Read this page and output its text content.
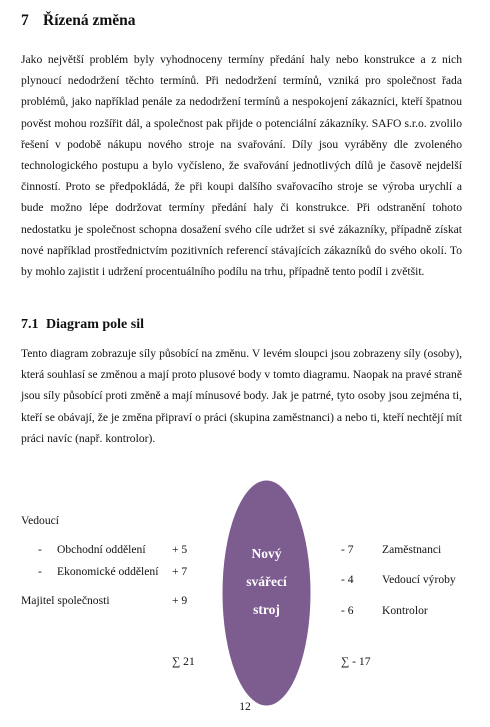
7 Řízená změna

Jako největší problém byly vyhodnoceny termíny předání haly nebo konstrukce a z nich plynoucí nedodržení těchto termínů. Při nedodržení termínů, vzniká pro společnost řada problémů, jako například penále za nedodržení termínů a nespokojení zákazníci, kteří špatnou pověst mohou rozšířit dál, a společnost pak přijde o potenciální zákazníky. SAFO s.r.o. zvolilo řešení v podobě nákupu nového stroje na svařování. Díly jsou vyráběny dle zvoleného technologického postupu a bylo vyčísleno, že svařování jednotlivých dílů je časově nejdelší činností. Proto se předpokládá, že při koupi dalšího svařovacího stroje se výroba urychlí a bude možno lépe dodržovat termíny předání haly či konstrukce. Při odstranění tohoto nedostatku je společnost schopna dosažení svého cíle udržet si své zákazníky, případně získat nové například prostřednictvím pozitivních referencí stávajících zákazníků do svého okolí. To by mohlo zajistit i udržení procentuálního podílu na trhu, případně tento podíl i zvětšit.

7.1 Diagram pole sil

Tento diagram zobrazuje síly působící na změnu. V levém sloupci jsou zobrazeny síly (osoby), která souhlasí se změnou a mají proto plusové body v tomto diagramu. Naopak na pravé straně jsou síly působící proti změně a mají mínusové body. Jak je patrné, tyto osoby jsou zejména ti, kteří se obávají, že je změna připraví o práci (skupina zaměstnanci) a nebo ti, kteří nechtějí mít práci navíc (např. kontrolor).

Nový
svářecí
stroj
Vedoucí
- Obchodní oddělení + 5
- Ekonomické oddělení + 7
Majitel společnosti	+ 9
∑ 21
- 7 Zaměstnanci
- 4 Vedoucí výroby
- 6 Kontrolor
∑ - 17
12
